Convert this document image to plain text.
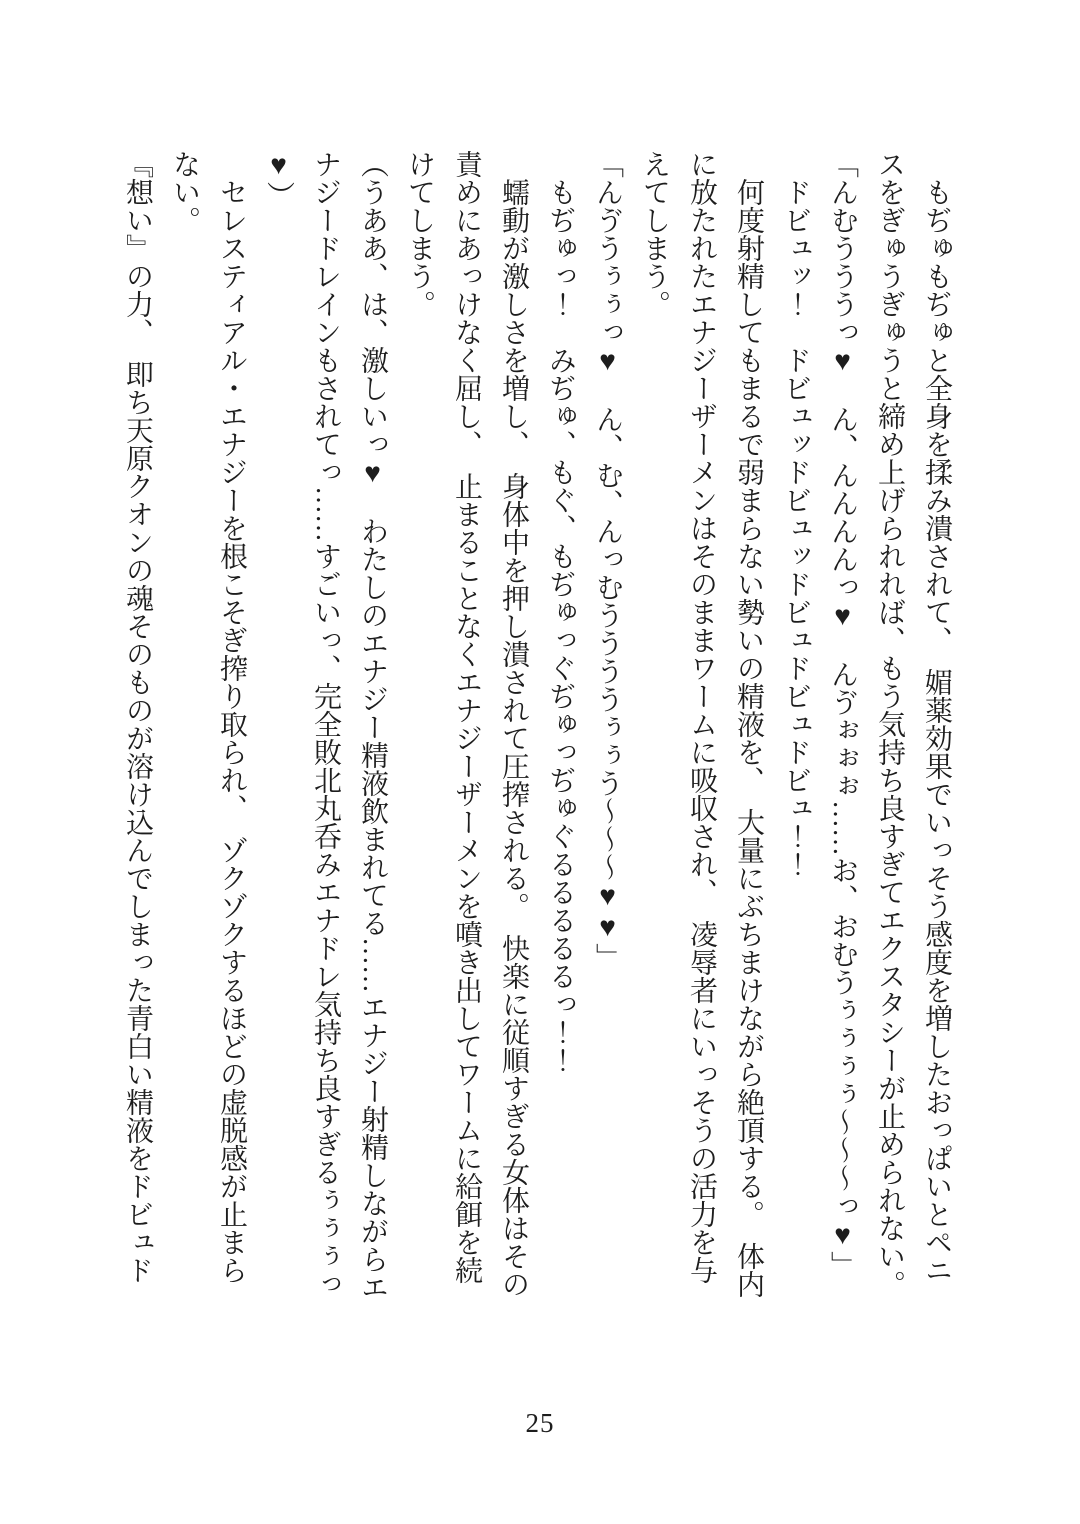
　もぢゅもぢゅと全身を揉み潰されて、　媚薬効果でいっそう感度を増したおっぱいとペニスをぎゅうぎゅうと締め上げられれば、もう気持ち良すぎてエクスタシーが止められない。

「んむうううっ♥　ん、んんんんっ♥　んゔぉぉぉ……お、おむうぅぅぅぅ～～～っ♥」

　ドビュッ！　ドビュッドビュッドビュドビュドビュ！！

　何度射精してもまるで弱まらない勢いの精液を、　大量にぶちまけながら絶頂する。　体内に放たれたエナジーザーメンはそのままワームに吸収され、　凌辱者にいっそうの活力を与えてしまう。

「んゔうぅぅっ♥　ん、む、んっむううううぅぅう～～～♥♥」

　もぢゅっ！　みぢゅ、もぐ、もぢゅっぐぢゅっぢゅぐるるるるるっ！！

　蠕動が激しさを増し、　身体中を押し潰されて圧搾される。　快楽に従順すぎる女体はその責めにあっけなく屈し、　止まることなくエナジーザーメンを噴き出してワームに給餌を続けてしまう。

（うああ、は、激しいっ♥　わたしのエナジー精液飲まれてる……エナジー射精しながらエナジードレインもされてっ……すごいっ、完全敗北丸呑みエナドレ気持ち良すぎるぅぅぅっ♥）

　セレスティアル・エナジーを根こそぎ搾り取られ、　ゾクゾクするほどの虚脱感が止まらない。

『想い』の力、　即ち天原クオンの魂そのものが溶け込んでしまった青白い精液をドビュド

25
